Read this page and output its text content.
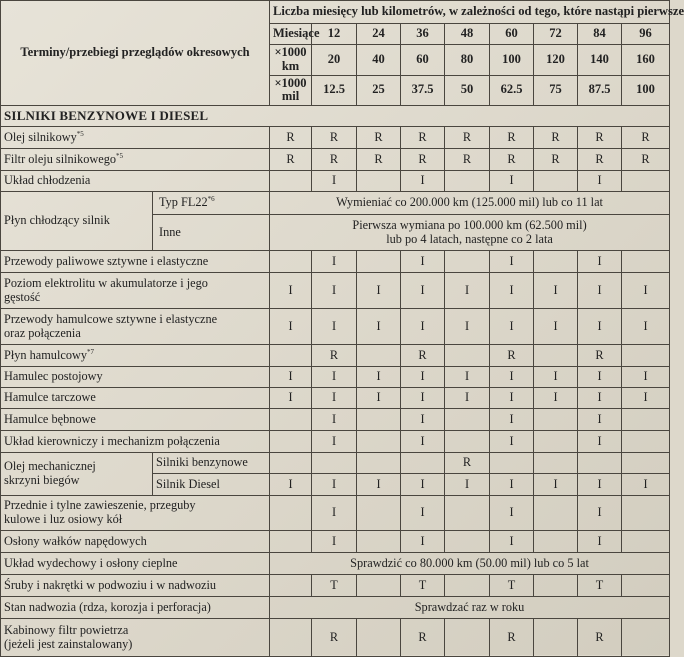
Terminy/przebiegi przeglądów okresowych		Liczba miesięcy lub kilometrów, w zależności od tego, które nastąpi pierwsze									
		Miesiące	12	24	36	48	60	72	84	96	
		×1000 km	20	40	60	80	100	120	140	160	
		×1000 mil	12.5	25	37.5	50	62.5	75	87.5	100	
SILNIKI BENZYNOWE I DIESEL											
Olej silnikowy$^{*5}$		R	R	R	R	R	R	R	R	R	
Filtr oleju silnikowego$^{*5}$		R	R	R	R	R	R	R	R	R	
Układ chłodzenia			I		I		I		I		
Płyn chłodzący silnik	Typ FL22$^{*6}$	Wymieniać co 200.000 km (125.000 mil) lub co 11 lat									
	Inne	Pierwsza wymiana po 100.000 km (62.500 mil)
lub po 4 latach, następne co 2 lata									

Przewody paliwowe sztywne i elastyczne			I		I		I		I		

Poziom elektrolitu w akumulatorze i jego
gęstość		I	I	I	I	I	I	I	I	I	

Przewody hamulcowe sztywne i elastyczne
oraz połączenia		I	I	I	I	I	I	I	I	I	
Płyn hamulcowy$^{*7}$			R		R		R		R		
Hamulec postojowy		I	I	I	I	I	I	I	I	I	
Hamulce tarczowe		I	I	I	I	I	I	I	I	I	
Hamulce bębnowe			I		I		I		I		
Układ kierowniczy i mechanizm połączenia			I		I		I		I		

Olej mechanicznej
skrzyni biegów	Silniki benzynowe					R					
	Silnik Diesel	I	I	I	I	I	I	I	I	I	

Przednie i tylne zawieszenie, przeguby
kulowe i luz osiowy kół			I		I		I		I		
Osłony wałków napędowych			I		I		I		I		
Układ wydechowy i osłony cieplne		Sprawdzić co 80.000 km (50.00 mil) lub co 5 lat									
Śruby i nakrętki w podwoziu i w nadwoziu			T		T		T		T		
Stan nadwozia (rdza, korozja i perforacja)		Sprawdzać raz w roku									

Kabinowy filtr powietrza
(jeżeli jest zainstalowany)			R		R		R		R		
